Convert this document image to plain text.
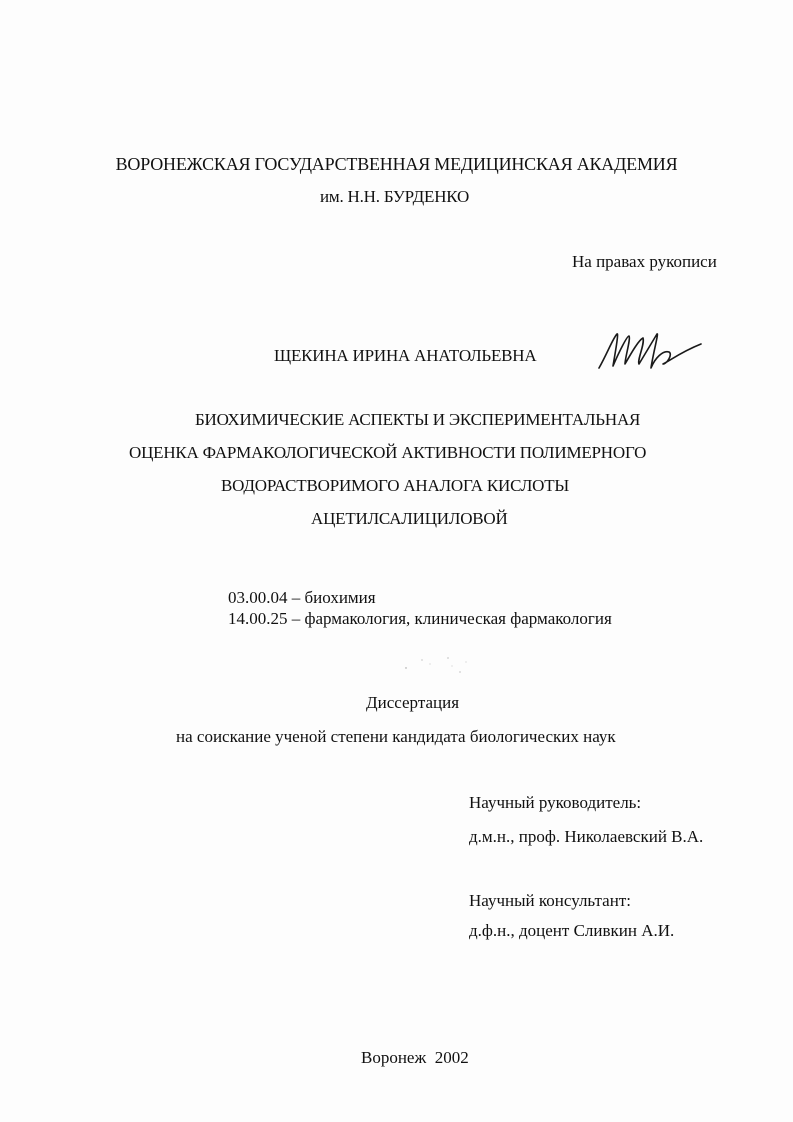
ВОРОНЕЖСКАЯ ГОСУДАРСТВЕННАЯ МЕДИЦИНСКАЯ АКАДЕМИЯ
им. Н.Н. БУРДЕНКО
На правах рукописи
ЩЕКИНА ИРИНА АНАТОЛЬЕВНА
БИОХИМИЧЕСКИЕ АСПЕКТЫ И ЭКСПЕРИМЕНТАЛЬНАЯ
ОЦЕНКА ФАРМАКОЛОГИЧЕСКОЙ АКТИВНОСТИ ПОЛИМЕРНОГО
ВОДОРАСТВОРИМОГО АНАЛОГА КИСЛОТЫ
АЦЕТИЛСАЛИЦИЛОВОЙ
03.00.04 – биохимия
14.00.25 – фармакология, клиническая фармакология
Диссертация
на соискание ученой степени кандидата биологических наук
Научный руководитель:
д.м.н., проф. Николаевский В.А.
Научный консультант:
д.ф.н., доцент Сливкин А.И.
Воронеж  2002
